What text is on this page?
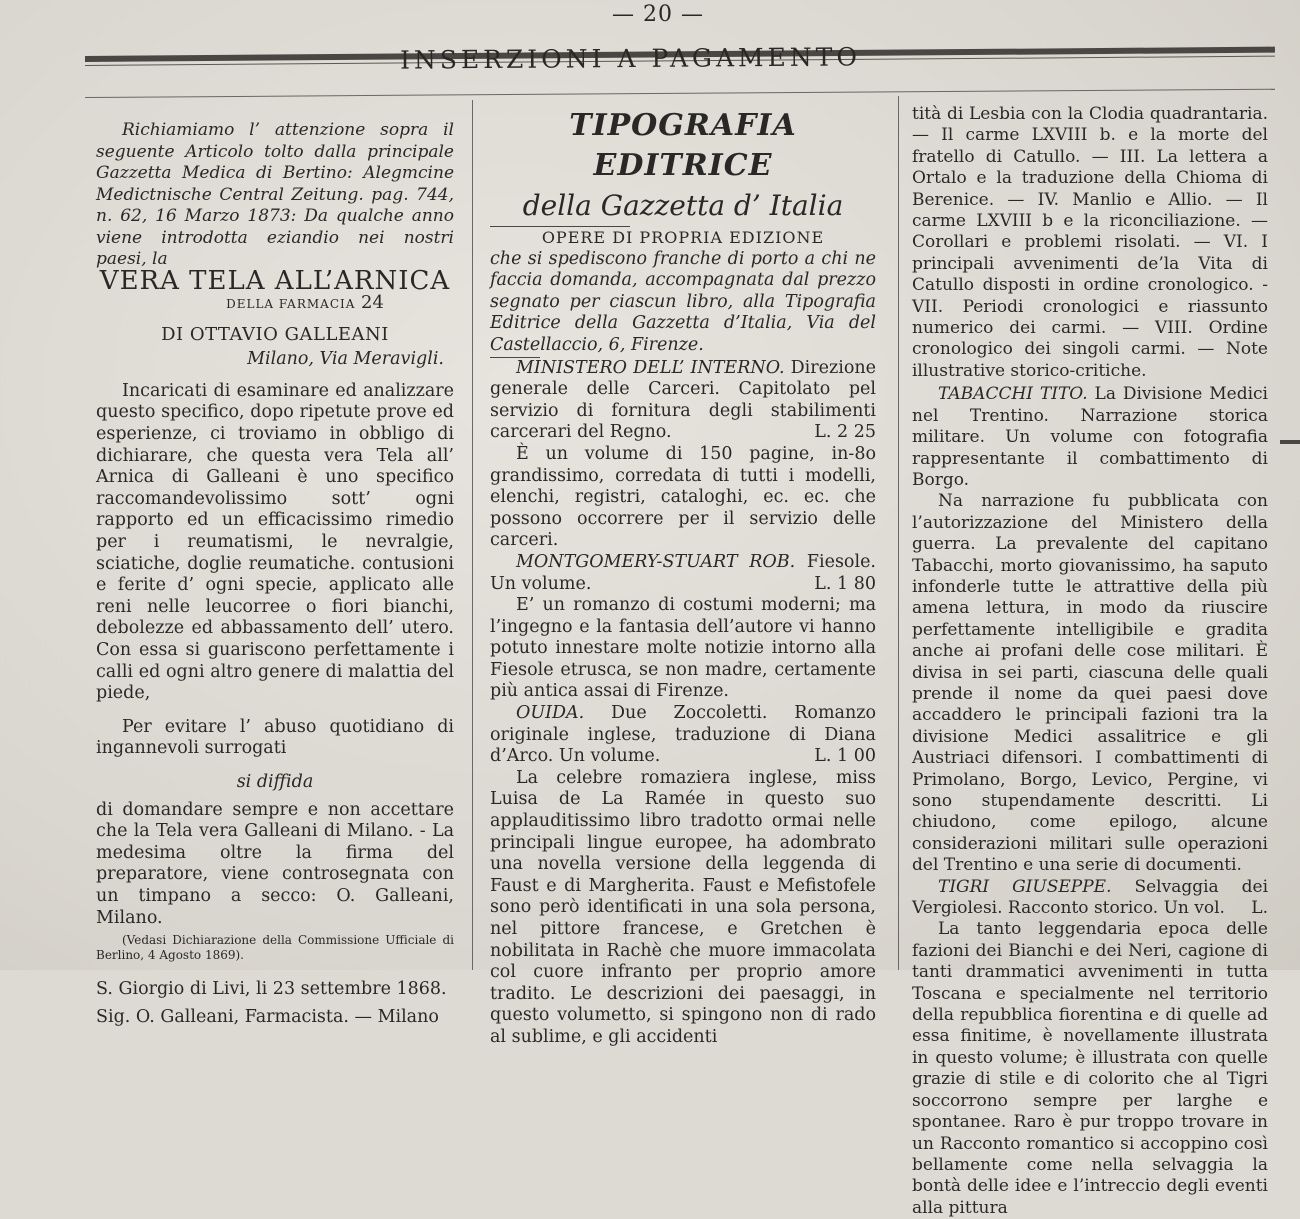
— 20 —
INSERZIONI A PAGAMENTO

Richiamiamo l’ attenzione sopra il seguente Articolo tolto dalla principale Gazzetta Medica di Bertino: Alegmcine Medictnische Central Zeitung. pag. 744, n. 62, 16 Marzo 1873: Da qualche anno viene introdotta eziandio nei nostri paesi, la

VERA TELA ALL’ARNICA
DELLA FARMACIA 24
DI OTTAVIO GALLEANI
Milano, Via Meravigli.

Incaricati di esaminare ed analizzare questo specifico, dopo ripetute prove ed esperienze, ci troviamo in obbligo di dichiarare, che questa vera Tela all’ Arnica di Galleani è uno specifico raccomandevolissimo sott’ ogni rapporto ed un efficacissimo rimedio per i reumatismi, le nevralgie, sciatiche, doglie reumatiche. contusioni e ferite d’ ogni specie, applicato alle reni nelle leucorree o fiori bianchi, debolezze ed abbassamento dell’ utero. Con essa si guariscono perfettamente i calli ed ogni altro genere di malattia del piede,

Per evitare l’ abuso quotidiano di ingannevoli surrogati

si diffida

di domandare sempre e non accettare che la Tela vera Galleani di Milano. - La medesima oltre la firma del preparatore, viene controsegnata con un timpano a secco: O. Galleani, Milano.

(Vedasi Dichiarazione della Commissione Ufficiale di Berlino, 4 Agosto 1869).

S. Giorgio di Livi, li 23 settembre 1868.

Sig. O. Galleani, Farmacista. — Milano

TIPOGRAFIA EDITRICE
della Gazzetta d’ Italia
OPERE DI PROPRIA EDIZIONE

che si spediscono franche di porto a chi ne faccia domanda, accompagnata dal prezzo segnato per ciascun libro, alla Tipografia Editrice della Gazzetta d’Italia, Via del Castellaccio, 6, Firenze.

MINISTERO DELL’ INTERNO. Direzione generale delle Carceri. Capitolato pel servizio di fornitura degli stabilimenti carcerari del Regno.	L. 2 25

È un volume di 150 pagine, in-8o grandissimo, corredata di tutti i modelli, elenchi, registri, cataloghi, ec. ec. che possono occorrere per il servizio delle carceri.

MONTGOMERY-STUART ROB. Fiesole. Un volume.	L. 1 80

E’ un romanzo di costumi moderni; ma l’ingegno e la fantasia dell’autore vi hanno potuto innestare molte notizie intorno alla Fiesole etrusca, se non madre, certamente più antica assai di Firenze.

OUIDA. Due Zoccoletti. Romanzo originale inglese, traduzione di Diana d’Arco. Un volume.	L. 1 00

La celebre romaziera inglese, miss Luisa de La Ramée in questo suo applauditissimo libro tradotto ormai nelle principali lingue europee, ha adombrato una novella versione della leggenda di Faust e di Margherita. Faust e Mefistofele sono però identificati in una sola persona, nel pittore francese, e Gretchen è nobilitata in Rachè che muore immacolata col cuore infranto per proprio amore tradito. Le descrizioni dei paesaggi, in questo volumetto, si spingono non di rado al sublime, e gli accidenti

tità di Lesbia con la Clodia quadrantaria. — Il carme LXVIII b. e la morte del fratello di Catullo. — III. La lettera a Ortalo e la traduzione della Chioma di Berenice. — IV. Manlio e Allio. — Il carme LXVIII b e la riconciliazione. — Corollari e problemi risolati. — VI. I principali avvenimenti de’la Vita di Catullo disposti in ordine cronologico. - VII. Periodi cronologici e riassunto numerico dei carmi. — VIII. Ordine cronologico dei singoli carmi. — Note illustrative storico-critiche.

TABACCHI TITO. La Divisione Medici nel Trentino. Narrazione storica militare. Un volume con fotografia rappresentante il combattimento di Borgo.

Na narrazione fu pubblicata con l’autorizzazione del Ministero della guerra. La prevalente del capitano Tabacchi, morto giovanissimo, ha saputo infonderle tutte le attrattive della più amena lettura, in modo da riuscire perfettamente intelligibile e gradita anche ai profani delle cose militari. È divisa in sei parti, ciascuna delle quali prende il nome da quei paesi dove accaddero le principali fazioni tra la divisione Medici assalitrice e gli Austriaci difensori. I combattimenti di Primolano, Borgo, Levico, Pergine, vi sono stupendamente descritti. Li chiudono, come epilogo, alcune considerazioni militari sulle operazioni del Trentino e una serie di documenti.

TIGRI GIUSEPPE. Selvaggia dei Vergiolesi. Racconto storico. Un vol.	L.

La tanto leggendaria epoca delle fazioni dei Bianchi e dei Neri, cagione di tanti drammatici avvenimenti in tutta Toscana e specialmente nel territorio della repubblica fiorentina e di quelle ad essa finitime, è novellamente illustrata in questo volume; è illustrata con quelle grazie di stile e di colorito che al Tigri soccorrono sempre per larghe e spontanee. Raro è pur troppo trovare in un Racconto romantico si accoppino così bellamente come nella selvaggia la bontà delle idee e l’intreccio degli eventi alla pittura
